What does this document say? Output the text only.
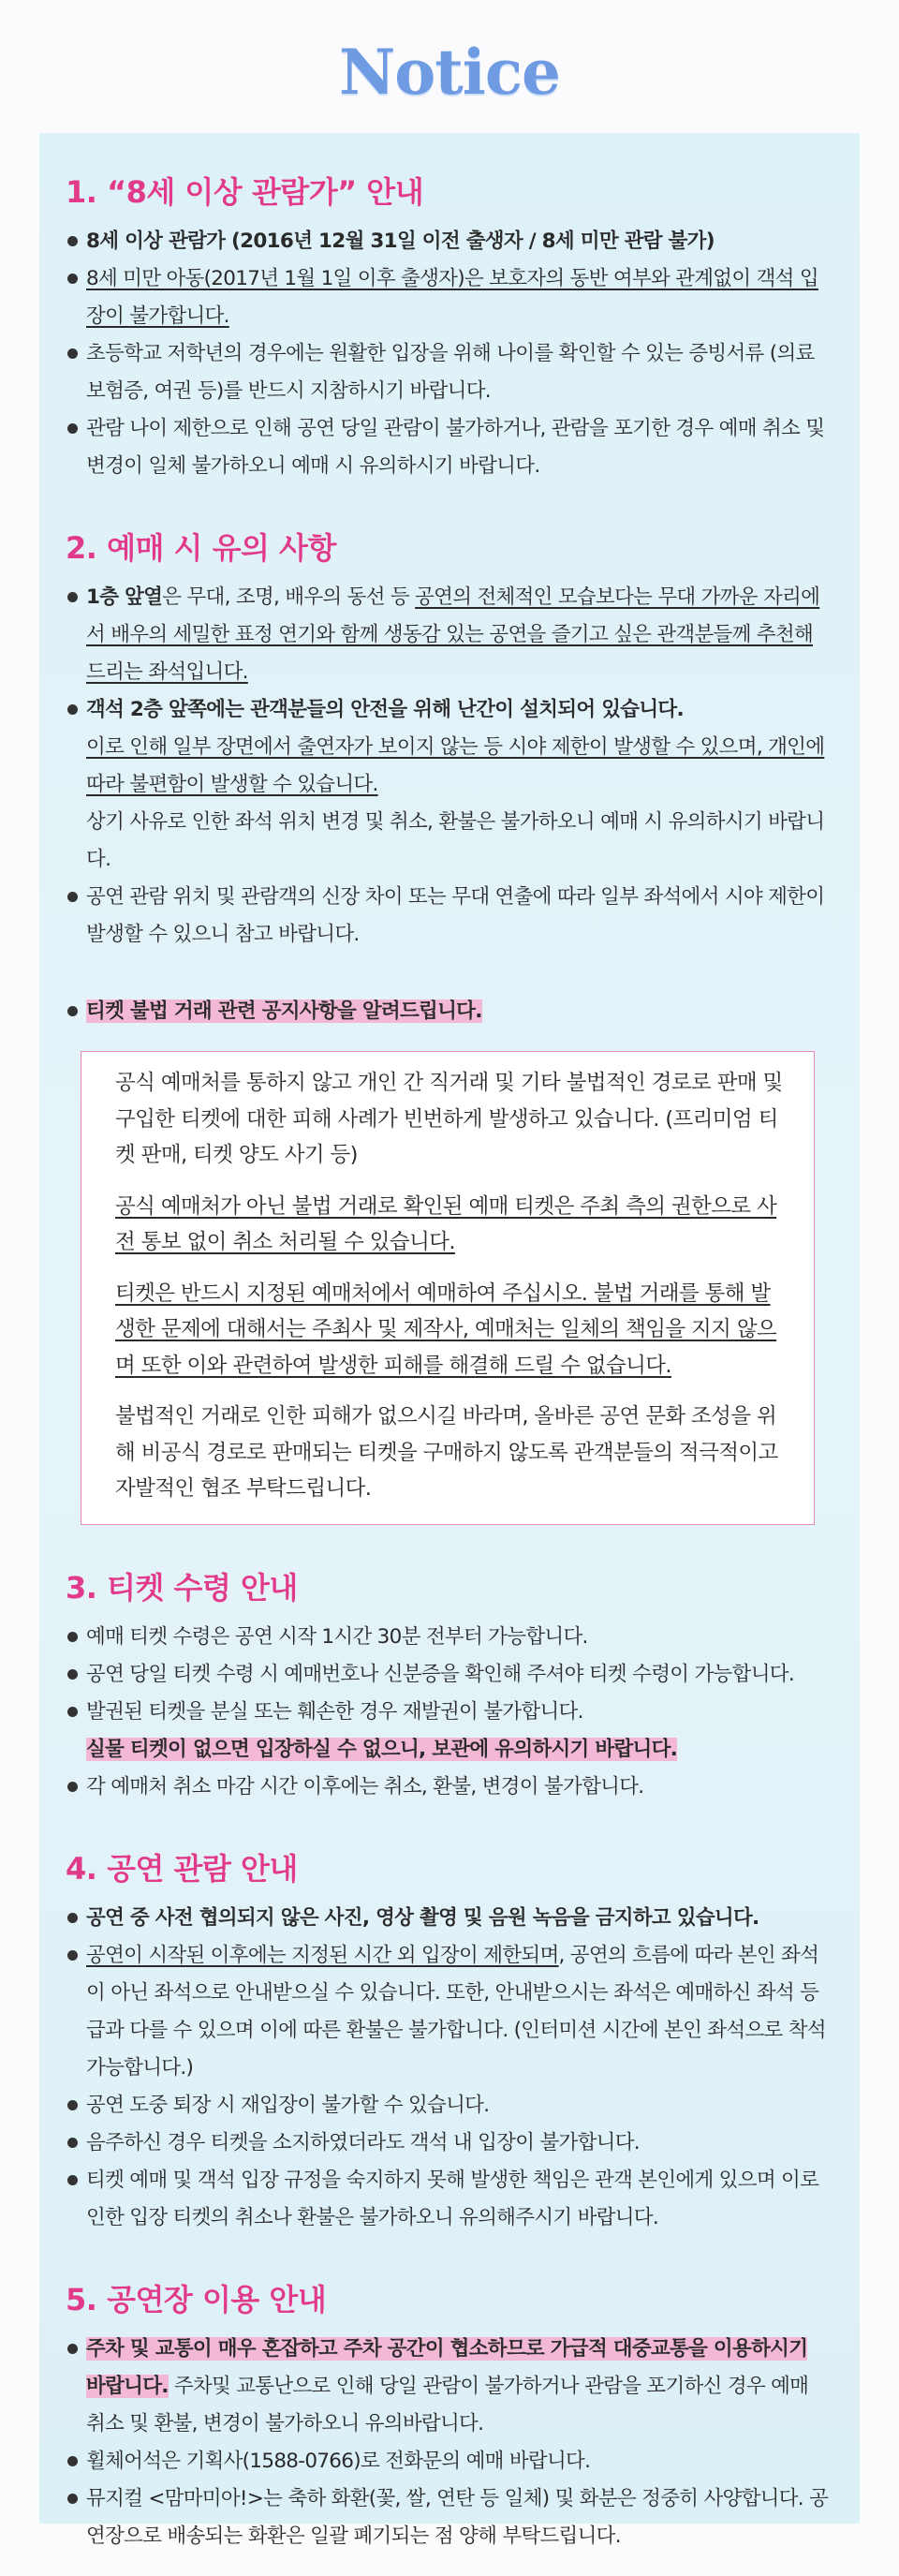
Notice
1. “8세 이상 관람가” 안내
8세 이상 관람가 (2016년 12월 31일 이전 출생자 / 8세 미만 관람 불가)
8세 미만 아동(2017년 1월 1일 이후 출생자)은 보호자의 동반 여부와 관계없이 객석 입장이 불가합니다.
초등학교 저학년의 경우에는 원활한 입장을 위해 나이를 확인할 수 있는 증빙서류 (의료보험증, 여권 등)를 반드시 지참하시기 바랍니다.
관람 나이 제한으로 인해 공연 당일 관람이 불가하거나, 관람을 포기한 경우 예매 취소 및 변경이 일체 불가하오니 예매 시 유의하시기 바랍니다.
2. 예매 시 유의 사항
1층 앞열은 무대, 조명, 배우의 동선 등 공연의 전체적인 모습보다는 무대 가까운 자리에서 배우의 세밀한 표정 연기와 함께 생동감 있는 공연을 즐기고 싶은 관객분들께 추천해드리는 좌석입니다.
객석 2층 앞쪽에는 관객분들의 안전을 위해 난간이 설치되어 있습니다.
이로 인해 일부 장면에서 출연자가 보이지 않는 등 시야 제한이 발생할 수 있으며, 개인에 따라 불편함이 발생할 수 있습니다.
상기 사유로 인한 좌석 위치 변경 및 취소, 환불은 불가하오니 예매 시 유의하시기 바랍니다.
공연 관람 위치 및 관람객의 신장 차이 또는 무대 연출에 따라 일부 좌석에서 시야 제한이 발생할 수 있으니 참고 바랍니다.
티켓 불법 거래 관련 공지사항을 알려드립니다.

공식 예매처를 통하지 않고 개인 간 직거래 및 기타 불법적인 경로로 판매 및 구입한 티켓에 대한 피해 사례가 빈번하게 발생하고 있습니다. (프리미엄 티켓 판매, 티켓 양도 사기 등)

공식 예매처가 아닌 불법 거래로 확인된 예매 티켓은 주최 측의 권한으로 사전 통보 없이 취소 처리될 수 있습니다.

티켓은 반드시 지정된 예매처에서 예매하여 주십시오. 불법 거래를 통해 발생한 문제에 대해서는 주최사 및 제작사, 예매처는 일체의 책임을 지지 않으며 또한 이와 관련하여 발생한 피해를 해결해 드릴 수 없습니다.

불법적인 거래로 인한 피해가 없으시길 바라며, 올바른 공연 문화 조성을 위해 비공식 경로로 판매되는 티켓을 구매하지 않도록 관객분들의 적극적이고 자발적인 협조 부탁드립니다.

3. 티켓 수령 안내
예매 티켓 수령은 공연 시작 1시간 30분 전부터 가능합니다.
공연 당일 티켓 수령 시 예매번호나 신분증을 확인해 주셔야 티켓 수령이 가능합니다.
발권된 티켓을 분실 또는 훼손한 경우 재발권이 불가합니다.
실물 티켓이 없으면 입장하실 수 없으니, 보관에 유의하시기 바랍니다.
각 예매처 취소 마감 시간 이후에는 취소, 환불, 변경이 불가합니다.
4. 공연 관람 안내
공연 중 사전 협의되지 않은 사진, 영상 촬영 및 음원 녹음을 금지하고 있습니다.
공연이 시작된 이후에는 지정된 시간 외 입장이 제한되며, 공연의 흐름에 따라 본인 좌석이 아닌 좌석으로 안내받으실 수 있습니다. 또한, 안내받으시는 좌석은 예매하신 좌석 등급과 다를 수 있으며 이에 따른 환불은 불가합니다. (인터미션 시간에 본인 좌석으로 착석 가능합니다.)
공연 도중 퇴장 시 재입장이 불가할 수 있습니다.
음주하신 경우 티켓을 소지하였더라도 객석 내 입장이 불가합니다.
티켓 예매 및 객석 입장 규정을 숙지하지 못해 발생한 책임은 관객 본인에게 있으며 이로 인한 입장 티켓의 취소나 환불은 불가하오니 유의해주시기 바랍니다.
5. 공연장 이용 안내
주차 및 교통이 매우 혼잡하고 주차 공간이 협소하므로 가급적 대중교통을 이용하시기 바랍니다. 주차및 교통난으로 인해 당일 관람이 불가하거나 관람을 포기하신 경우 예매 취소 및 환불, 변경이 불가하오니 유의바랍니다.
휠체어석은 기획사(1588-0766)로 전화문의 예매 바랍니다.
뮤지컬 <맘마미아!>는 축하 화환(꽃, 쌀, 연탄 등 일체) 및 화분은 정중히 사양합니다. 공연장으로 배송되는 화환은 일괄 폐기되는 점 양해 부탁드립니다.
